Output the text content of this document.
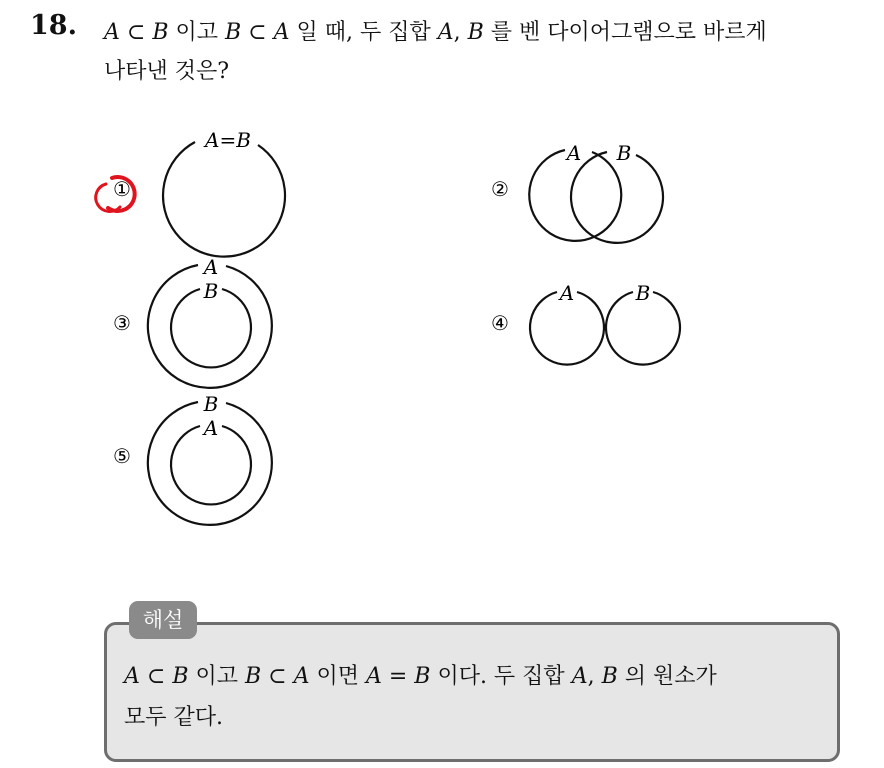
18. A ⊂ B 이고 B ⊂ A 일 때, 두 집합 A, B 를 벤 다이어그램으로 바르게
나타낸 것은?
①
A=B
②
A B
③
A
B
④
A	B
⑤
B
A
해설
A ⊂ B 이고 B ⊂ A 이면 A = B 이다. 두 집합 A, B 의 원소가
모두 같다.
